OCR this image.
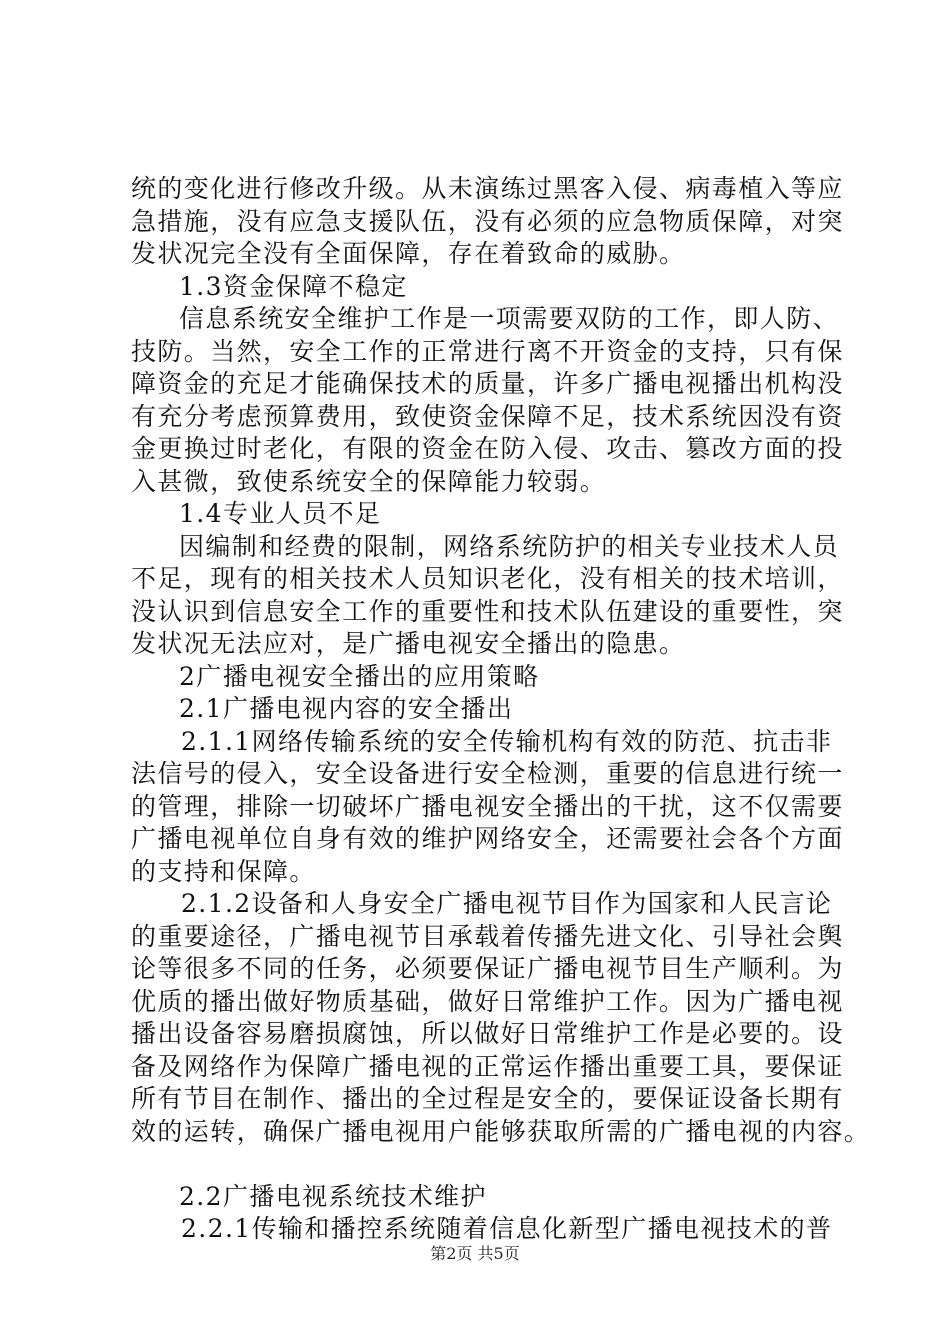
统的变化进行修改升级。从未演练过黑客入侵、病毒植入等应
急措施，没有应急支援队伍，没有必须的应急物质保障，对突
发状况完全没有全面保障，存在着致命的威胁。
1.3资金保障不稳定
信息系统安全维护工作是一项需要双防的工作，即人防、
技防。当然，安全工作的正常进行离不开资金的支持，只有保
障资金的充足才能确保技术的质量，许多广播电视播出机构没
有充分考虑预算费用，致使资金保障不足，技术系统因没有资
金更换过时老化，有限的资金在防入侵、攻击、篡改方面的投
入甚微，致使系统安全的保障能力较弱。
1.4专业人员不足
因编制和经费的限制，网络系统防护的相关专业技术人员
不足，现有的相关技术人员知识老化，没有相关的技术培训，
没认识到信息安全工作的重要性和技术队伍建设的重要性，突
发状况无法应对，是广播电视安全播出的隐患。
2广播电视安全播出的应用策略
2.1广播电视内容的安全播出
2.1.1网络传输系统的安全传输机构有效的防范、抗击非
法信号的侵入，安全设备进行安全检测，重要的信息进行统一
的管理，排除一切破坏广播电视安全播出的干扰，这不仅需要
广播电视单位自身有效的维护网络安全，还需要社会各个方面
的支持和保障。
2.1.2设备和人身安全广播电视节目作为国家和人民言论
的重要途径，广播电视节目承载着传播先进文化、引导社会舆
论等很多不同的任务，必须要保证广播电视节目生产顺利。为
优质的播出做好物质基础，做好日常维护工作。因为广播电视
播出设备容易磨损腐蚀，所以做好日常维护工作是必要的。设
备及网络作为保障广播电视的正常运作播出重要工具，要保证
所有节目在制作、播出的全过程是安全的，要保证设备长期有
效的运转，确保广播电视用户能够获取所需的广播电视的内容。
2.2广播电视系统技术维护
2.2.1传输和播控系统随着信息化新型广播电视技术的普
第2页 共5页
